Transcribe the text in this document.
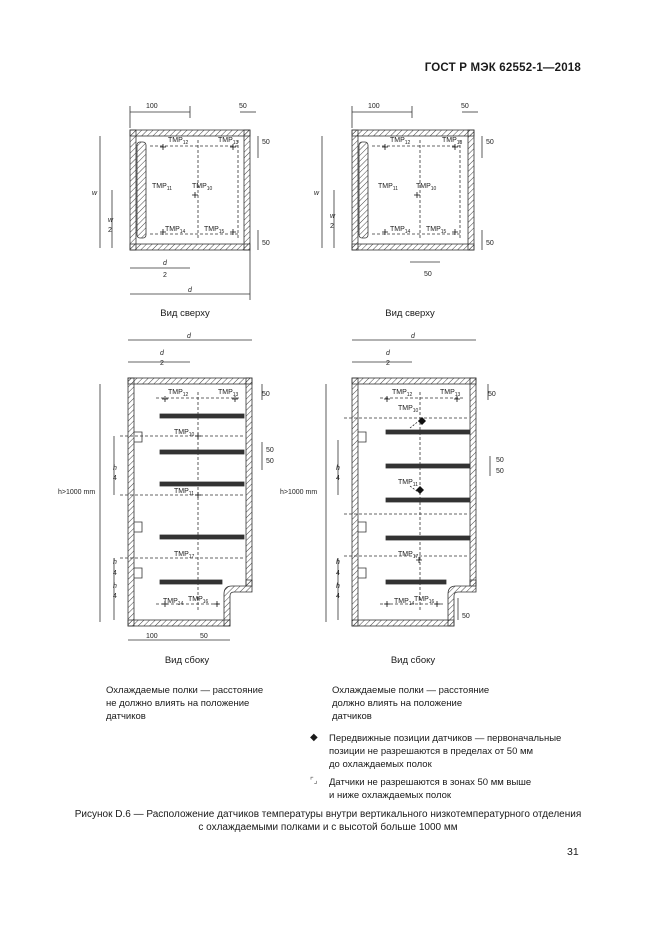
ГОСТ Р МЭК 62552-1—2018
100	50
50
50
w
w
2
d
2
d
$TMP_{12}$	$TMP_{13}$
$TMP_{11}$	$TMP_{10}$
$TMP_{14}$	$TMP_{15}$
100	50
50
50
w
w
2
50
$TMP_{12}$	$TMP_{13}$
$TMP_{11}$	$TMP_{10}$
$TMP_{14}$ $TMP_{15}$
d
d
2
50
50
50
h
4
h>1000 mm
h
4
h
4
100	50
$TMP_{12}$	$TMP_{13}$
$TMP_{10}$
$TMP_{11}$
$TMP_{17}$
$TMP_{14}$
$TMP_{16}$
d
d
2
50
50
50
h
4
h>1000 mm
h
4
h
4
50
$TMP_{12}$	$TMP_{13}$
$TMP_{10}$
$TMP_{11}$
$TMP_{17}$
$TMP_{14}$
$TMP_{16}$
Вид сверху	Вид сверху
Вид сбоку	Вид сбоку
Охлаждаемые полки — расстояние
не должно влиять на положение
датчиков
Охлаждаемые полки — расстояние
должно влиять на положение
датчиков
◆ Передвижные позиции датчиков — первоначальные
позиции не разрешаются в пределах от 50 мм
до охлаждаемых полок
⌜⌟ Датчики не разрешаются в зонах 50 мм выше
и ниже охлаждаемых полок
Рисунок D.6 — Расположение датчиков температуры внутри вертикального низкотемпературного отделения
с охлаждаемыми полками и с высотой больше 1000 мм
31
